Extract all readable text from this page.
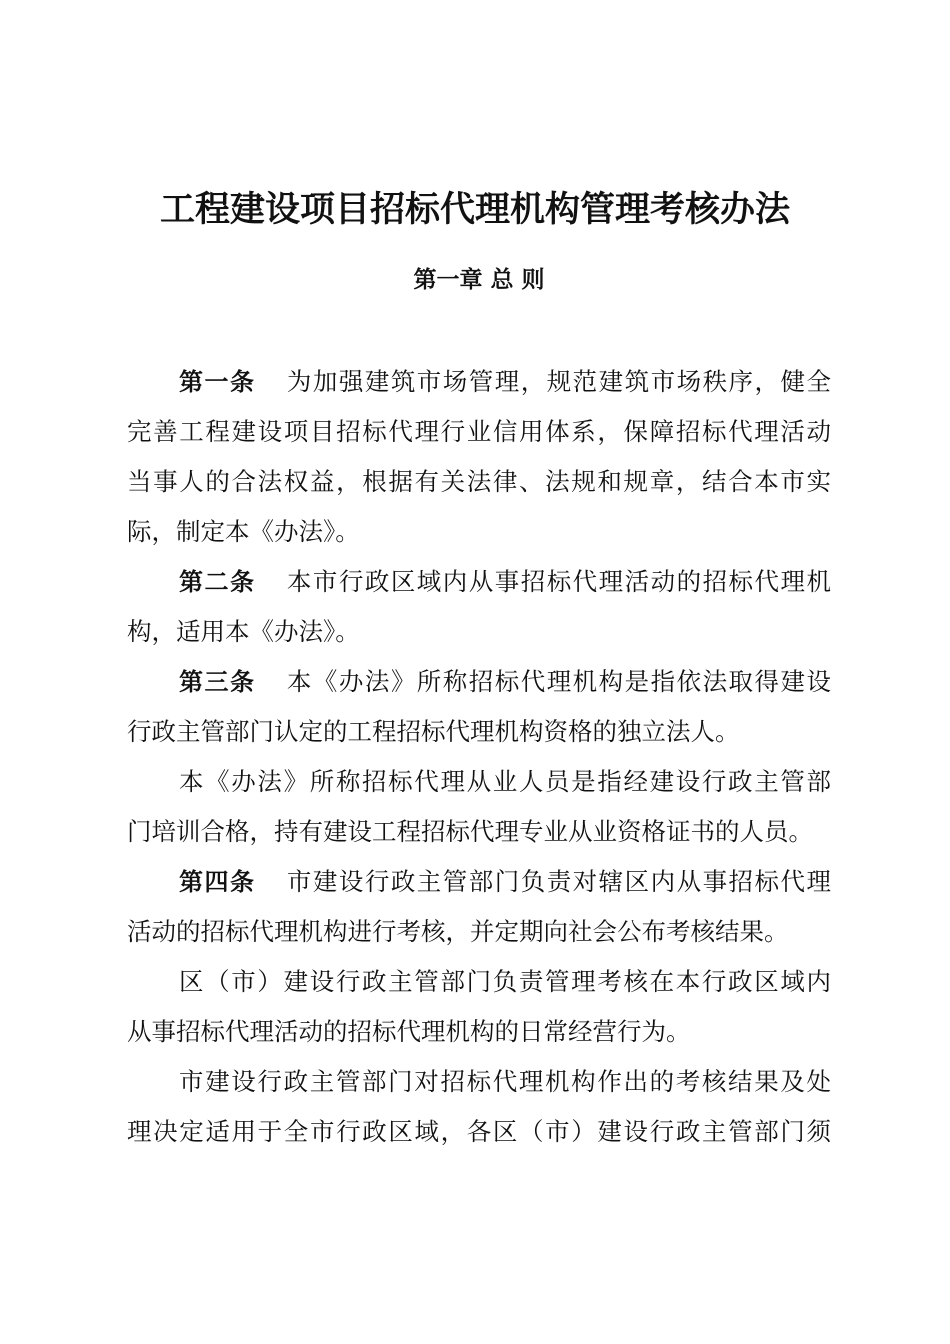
工程建设项目招标代理机构管理考核办法
第一章 总 则
第一条 为加强建筑市场管理，规范建筑市场秩序，健全
完善工程建设项目招标代理行业信用体系，保障招标代理活动
当事人的合法权益，根据有关法律、法规和规章，结合本市实
际，制定本《办法》。
第二条 本市行政区域内从事招标代理活动的招标代理机
构，适用本《办法》。
第三条 本《办法》所称招标代理机构是指依法取得建设
行政主管部门认定的工程招标代理机构资格的独立法人。
本《办法》所称招标代理从业人员是指经建设行政主管部
门培训合格，持有建设工程招标代理专业从业资格证书的人员。
第四条 市建设行政主管部门负责对辖区内从事招标代理
活动的招标代理机构进行考核，并定期向社会公布考核结果。
区（市）建设行政主管部门负责管理考核在本行政区域内
从事招标代理活动的招标代理机构的日常经营行为。
市建设行政主管部门对招标代理机构作出的考核结果及处
理决定适用于全市行政区域，各区（市）建设行政主管部门须
